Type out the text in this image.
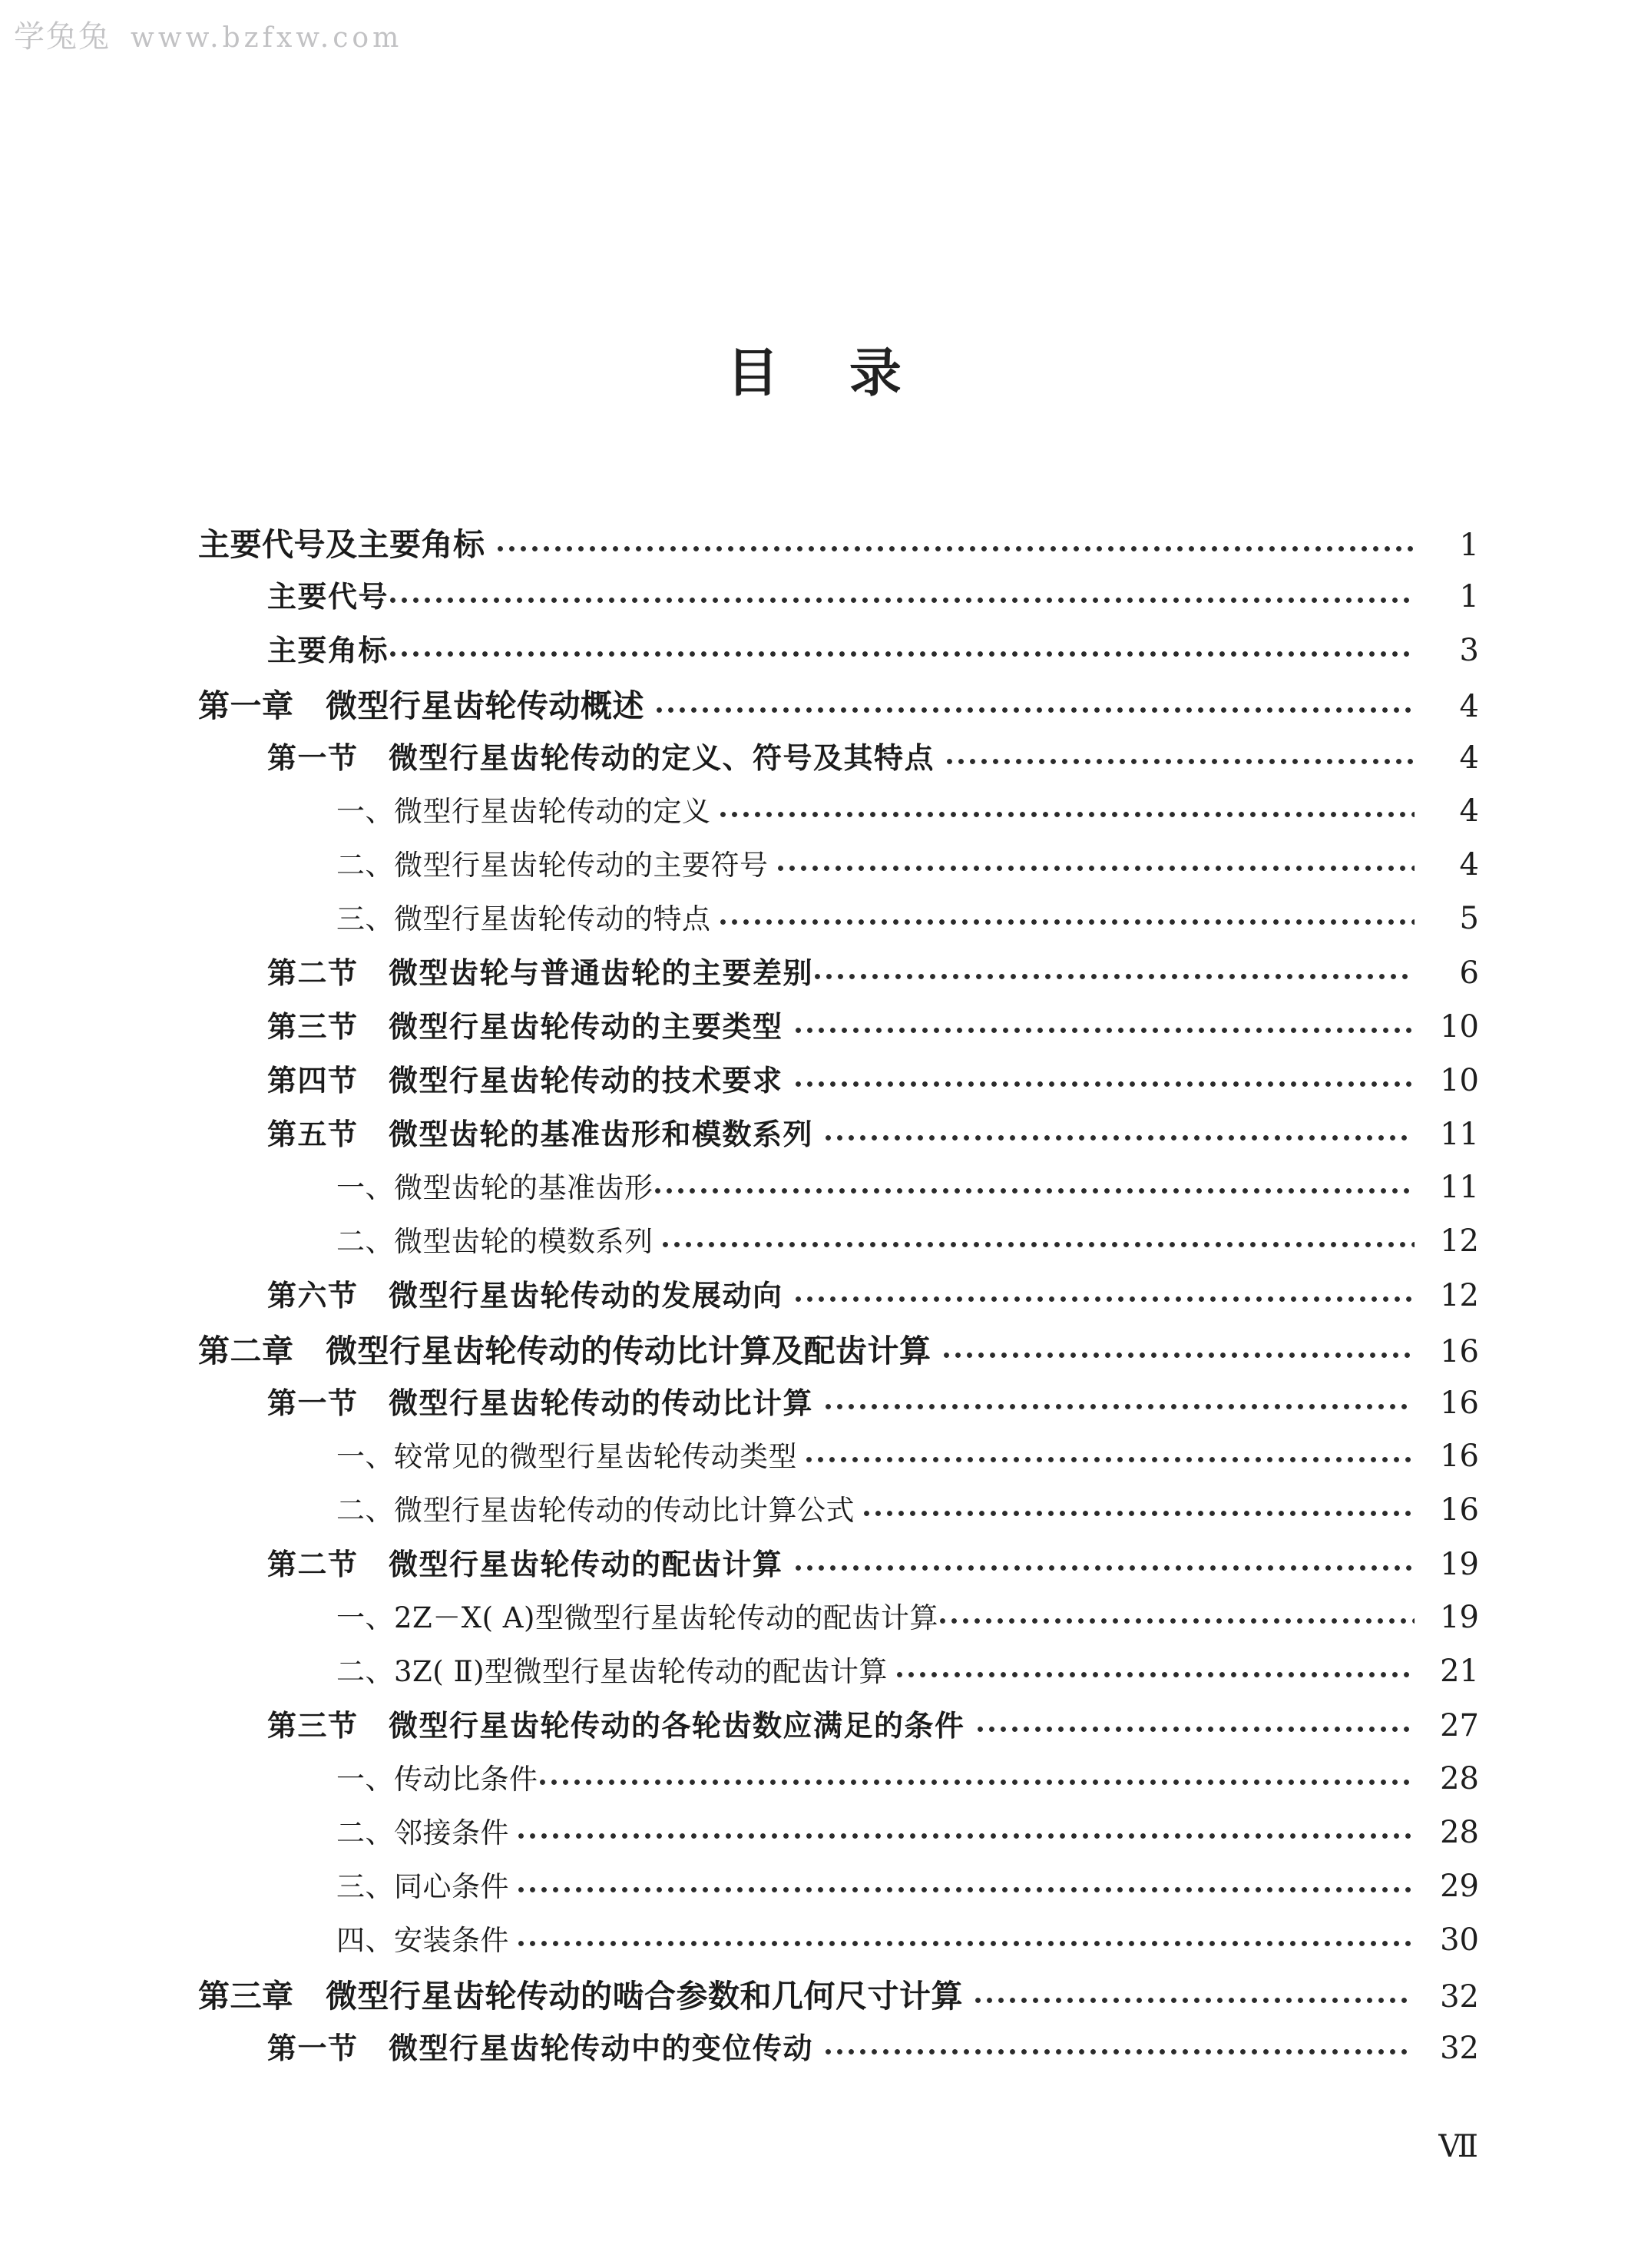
学兔兔 www.bzfxw.com
目 录
主要代号及主要角标	1
主要代号	1
主要角标	3
第一章　微型行星齿轮传动概述	4
第一节　微型行星齿轮传动的定义、符号及其特点	4
一、微型行星齿轮传动的定义	4
二、微型行星齿轮传动的主要符号	4
三、微型行星齿轮传动的特点	5
第二节　微型齿轮与普通齿轮的主要差别	6
第三节　微型行星齿轮传动的主要类型	10
第四节　微型行星齿轮传动的技术要求	10
第五节　微型齿轮的基准齿形和模数系列	11
一、微型齿轮的基准齿形	11
二、微型齿轮的模数系列	12
第六节　微型行星齿轮传动的发展动向	12
第二章　微型行星齿轮传动的传动比计算及配齿计算	16
第一节　微型行星齿轮传动的传动比计算	16
一、较常见的微型行星齿轮传动类型	16
二、微型行星齿轮传动的传动比计算公式	16
第二节　微型行星齿轮传动的配齿计算	19
一、2Z－X( A)型微型行星齿轮传动的配齿计算	19
二、3Z( Ⅱ)型微型行星齿轮传动的配齿计算	21
第三节　微型行星齿轮传动的各轮齿数应满足的条件	27
一、传动比条件	28
二、邻接条件	28
三、同心条件	29
四、安装条件	30
第三章　微型行星齿轮传动的啮合参数和几何尺寸计算	32
第一节　微型行星齿轮传动中的变位传动	32
Ⅶ
